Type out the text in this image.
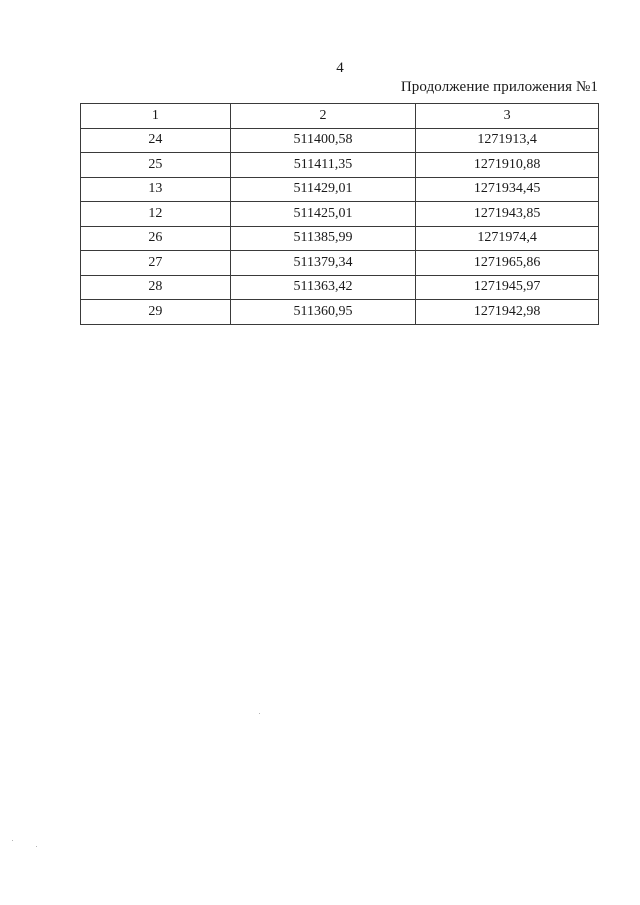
4
Продолжение приложения №1
1	2	3
24	511400,58	1271913,4
25	511411,35	1271910,88
13	511429,01	1271934,45
12	511425,01	1271943,85
26	511385,99	1271974,4
27	511379,34	1271965,86
28	511363,42	1271945,97
29	511360,95	1271942,98
